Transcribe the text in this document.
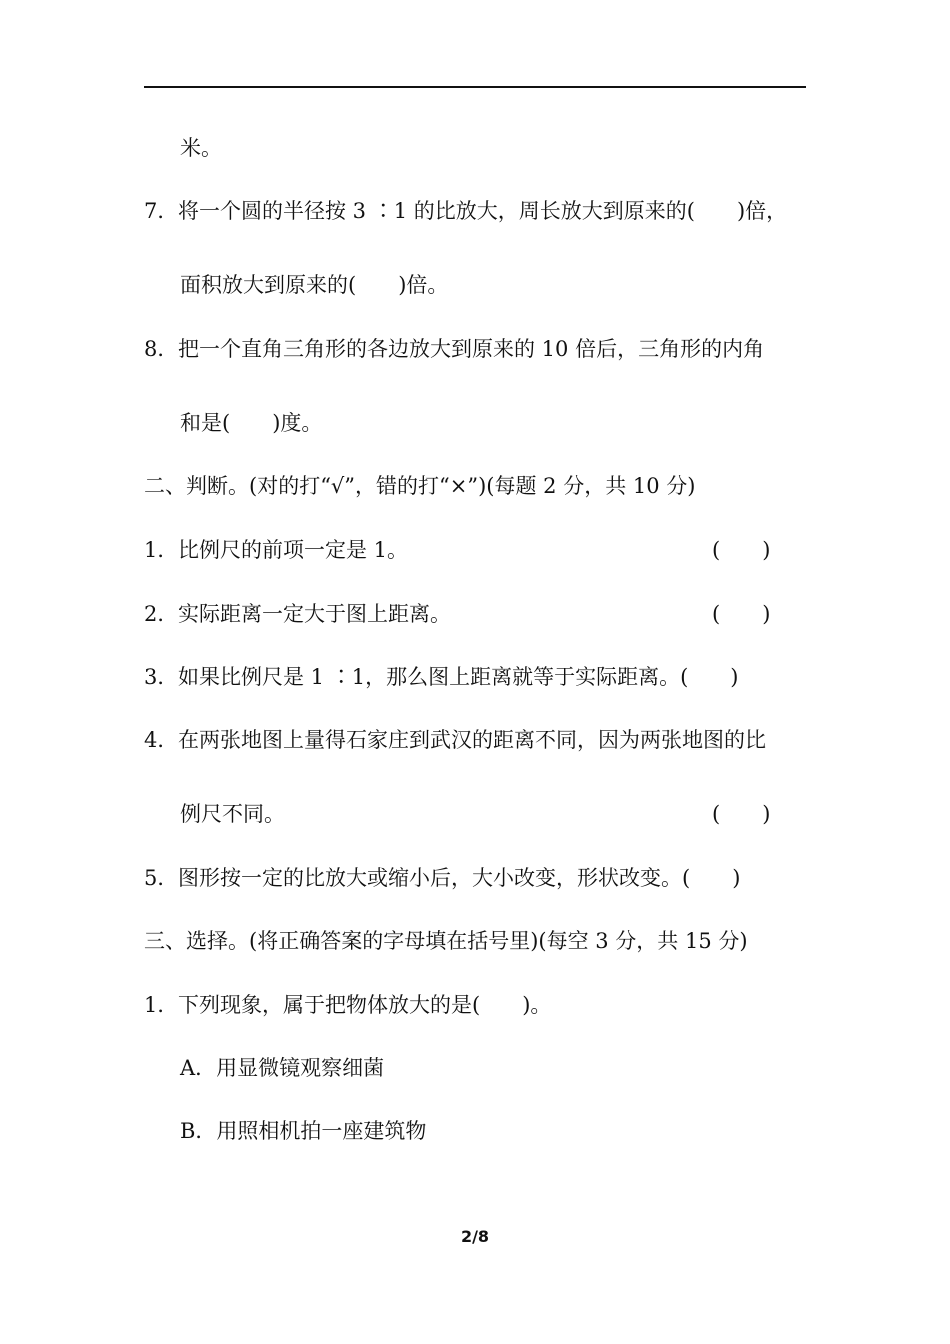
米。
7．将一个圆的半径按 3 ∶1 的比放大，周长放大到原来的(　　)倍，
面积放大到原来的(　　)倍。
8．把一个直角三角形的各边放大到原来的 10 倍后，三角形的内角
和是(　　)度。
二、判断。(对的打“√”，错的打“×”)(每题 2 分，共 10 分)
1．比例尺的前项一定是 1。	(　　)
2．实际距离一定大于图上距离。	(　　)
3．如果比例尺是 1 ∶1，那么图上距离就等于实际距离。(　　)
4．在两张地图上量得石家庄到武汉的距离不同，因为两张地图的比
例尺不同。	(　　)
5．图形按一定的比放大或缩小后，大小改变，形状改变。(　　)
三、选择。(将正确答案的字母填在括号里)(每空 3 分，共 15 分)
1．下列现象，属于把物体放大的是(　　)。
A．用显微镜观察细菌
B．用照相机拍一座建筑物
2/8
